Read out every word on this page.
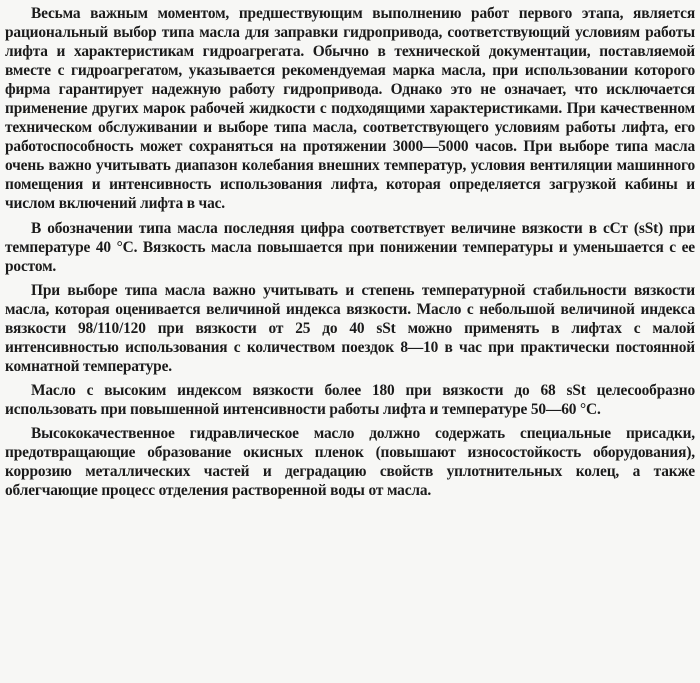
Весьма важным моментом, предшествующим выполнению работ первого этапа, является рациональный выбор типа масла для заправки гидропривода, соответствующий условиям работы лифта и характеристикам гидроагрегата. Обычно в технической документации, поставляемой вместе с гидроагрегатом, указывается рекомендуемая марка масла, при использовании которого фирма гарантирует надежную работу гидропривода. Однако это не означает, что исключается применение других марок рабочей жидкости с подходящими характеристиками. При качественном техническом обслуживании и выборе типа масла, соответствующего условиям работы лифта, его работоспособность может сохраняться на протяжении 3000—5000 часов. При выборе типа масла очень важно учитывать диапазон колебания внешних температур, условия вентиляции машинного помещения и интенсивность использования лифта, которая определяется загрузкой кабины и числом включений лифта в час.

В обозначении типа масла последняя цифра соответствует величине вязкости в сСт (sSt) при температуре 40 °С. Вязкость масла повышается при понижении температуры и уменьшается с ее ростом.

При выборе типа масла важно учитывать и степень температурной стабильности вязкости масла, которая оценивается величиной индекса вязкости. Масло с небольшой величиной индекса вязкости 98/110/120 при вязкости от 25 до 40 sSt можно применять в лифтах с малой интенсивностью использования с количеством поездок 8—10 в час при практически постоянной комнатной температуре.

Масло с высоким индексом вязкости более 180 при вязкости до 68 sSt целесообразно использовать при повышенной интенсивности работы лифта и температуре 50—60 °С.

Высококачественное гидравлическое масло должно содержать специальные присадки, предотвращающие образование окисных пленок (повышают износостойкость оборудования), коррозию металлических частей и деградацию свойств уплотнительных колец, а также облегчающие процесс отделения растворенной воды от масла.
